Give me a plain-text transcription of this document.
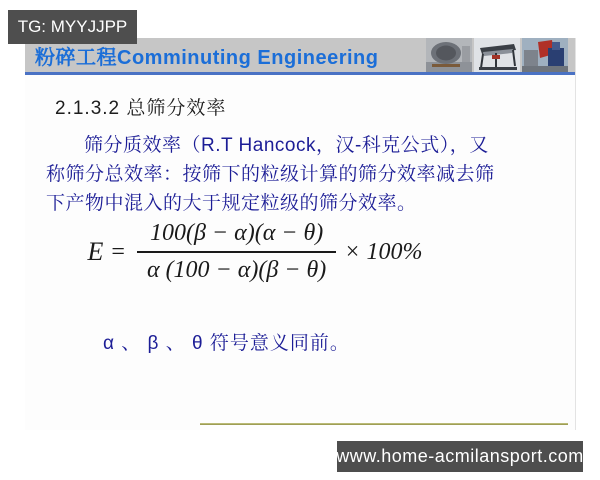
粉碎工程Comminuting Engineering
2.1.3.2 总筛分效率
筛分质效率（R.T Hancock，汉-科克公式），又
称筛分总效率：按筛下的粒级计算的筛分效率减去筛
下产物中混入的大于规定粒级的筛分效率。
$E = \frac{100(\beta - \alpha)(\alpha - \theta)}{\alpha (100 - \alpha)(\beta - \theta)} \times 100\%$
α 、 β 、 θ 符号意义同前。
TG: MYYJJPP
www.home-acmilansport.com
